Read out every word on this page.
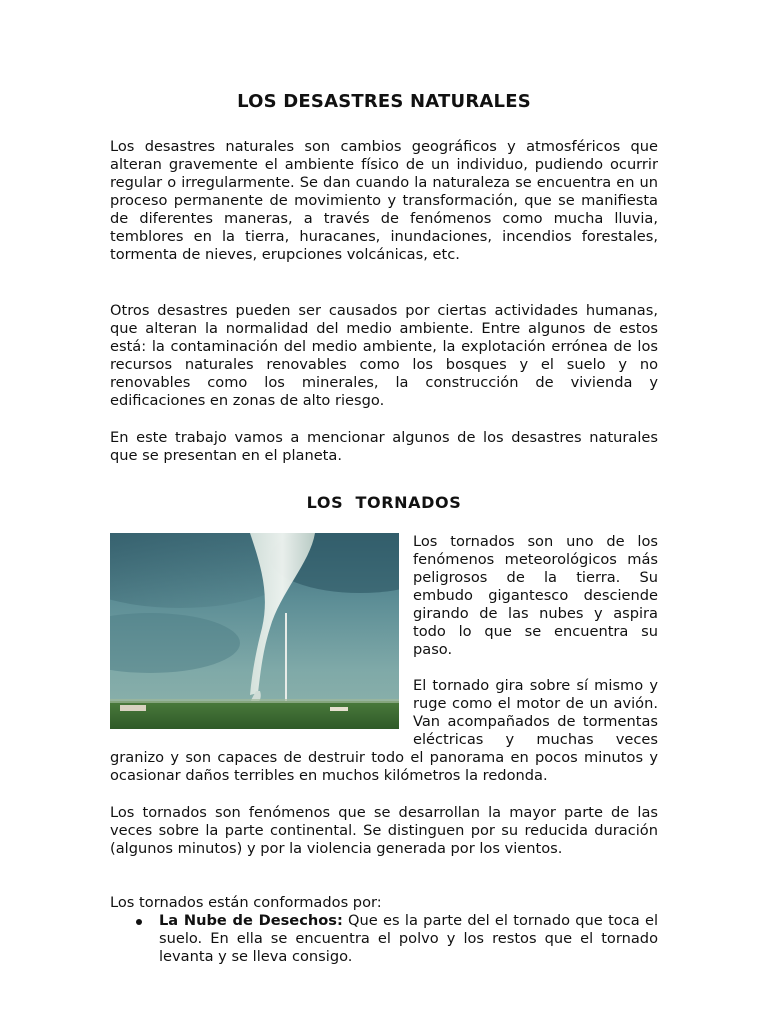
LOS DESASTRES NATURALES

Los desastres naturales son cambios geográficos y atmosféricos que alteran gravemente el ambiente físico de un individuo, pudiendo ocurrir regular o irregularmente. Se dan cuando la naturaleza se encuentra en un proceso permanente de movimiento y transformación, que se manifiesta de diferentes maneras, a través de fenómenos como mucha lluvia, temblores en la tierra, huracanes, inundaciones, incendios forestales, tormenta de nieves, erupciones volcánicas, etc.

Otros desastres pueden ser causados por ciertas actividades humanas, que alteran la normalidad del medio ambiente. Entre algunos de estos está: la contaminación del medio ambiente, la explotación errónea de los recursos naturales renovables como los bosques y el suelo y no renovables como los minerales, la construcción de vivienda y edificaciones en zonas de alto riesgo.

En este trabajo vamos a mencionar algunos de los desastres naturales que se presentan en el planeta.

LOS  TORNADOS

Los tornados son uno de los fenómenos meteorológicos más peligrosos de la tierra. Su embudo gigantesco desciende girando de las nubes y aspira todo lo que se encuentra su paso.

El tornado gira sobre sí mismo y ruge como el motor de un avión. Van acompañados de tormentas eléctricas y muchas veces granizo y son capaces de destruir todo el panorama en pocos minutos y ocasionar daños terribles en muchos kilómetros la redonda.

Los tornados son fenómenos que se desarrollan la mayor parte de las veces sobre la parte continental. Se distinguen por su reducida duración (algunos minutos) y por la violencia generada por los vientos.

Los tornados están conformados por:

La Nube de Desechos: Que es la parte del el tornado que toca el suelo. En ella se encuentra el polvo y los restos que el tornado levanta y se lleva consigo.
